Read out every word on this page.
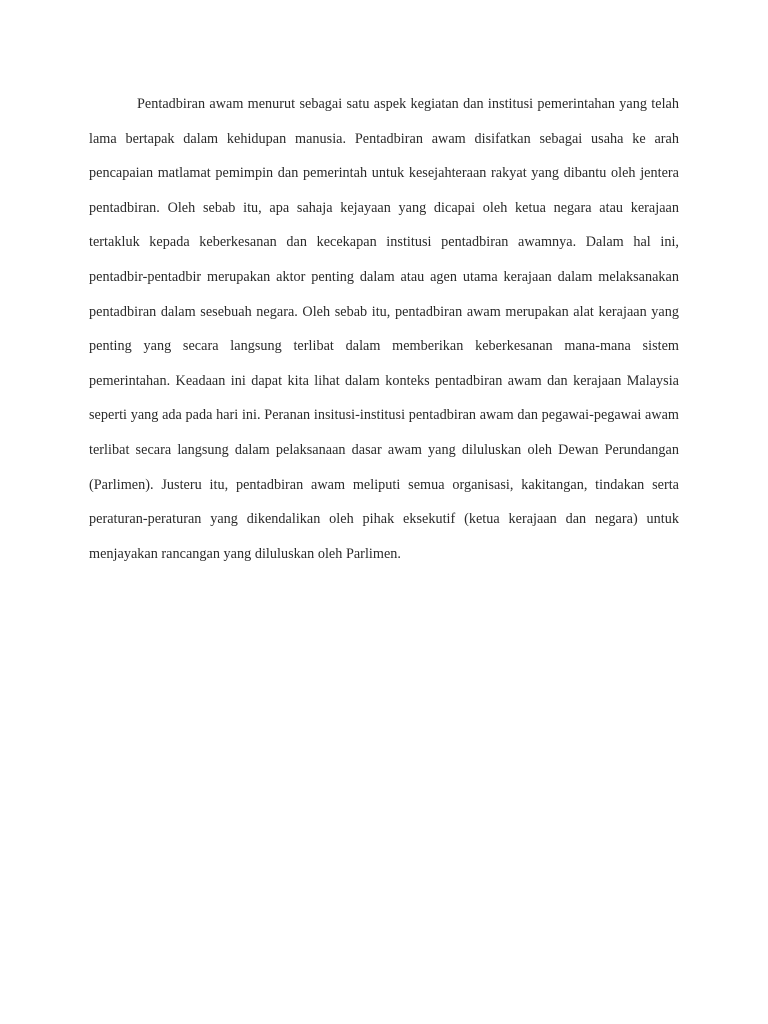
Pentadbiran awam menurut sebagai satu aspek kegiatan dan institusi pemerintahan yang telah lama bertapak dalam kehidupan manusia. Pentadbiran awam disifatkan sebagai usaha ke arah pencapaian matlamat pemimpin dan pemerintah untuk kesejahteraan rakyat yang dibantu oleh jentera pentadbiran. Oleh sebab itu, apa sahaja kejayaan yang dicapai oleh ketua negara atau kerajaan tertakluk kepada keberkesanan dan kecekapan institusi pentadbiran awamnya. Dalam hal ini, pentadbir-pentadbir merupakan aktor penting dalam atau agen utama kerajaan dalam melaksanakan pentadbiran dalam sesebuah negara. Oleh sebab itu, pentadbiran awam merupakan alat kerajaan yang penting yang secara langsung terlibat dalam memberikan keberkesanan mana-mana sistem pemerintahan. Keadaan ini dapat kita lihat dalam konteks pentadbiran awam dan kerajaan Malaysia seperti yang ada pada hari ini. Peranan insitusi-institusi pentadbiran awam dan pegawai-pegawai awam terlibat secara langsung dalam pelaksanaan dasar awam yang diluluskan oleh Dewan Perundangan (Parlimen). Justeru itu, pentadbiran awam meliputi semua organisasi, kakitangan, tindakan serta peraturan-peraturan yang dikendalikan oleh pihak eksekutif (ketua kerajaan dan negara) untuk menjayakan rancangan yang diluluskan oleh Parlimen.
